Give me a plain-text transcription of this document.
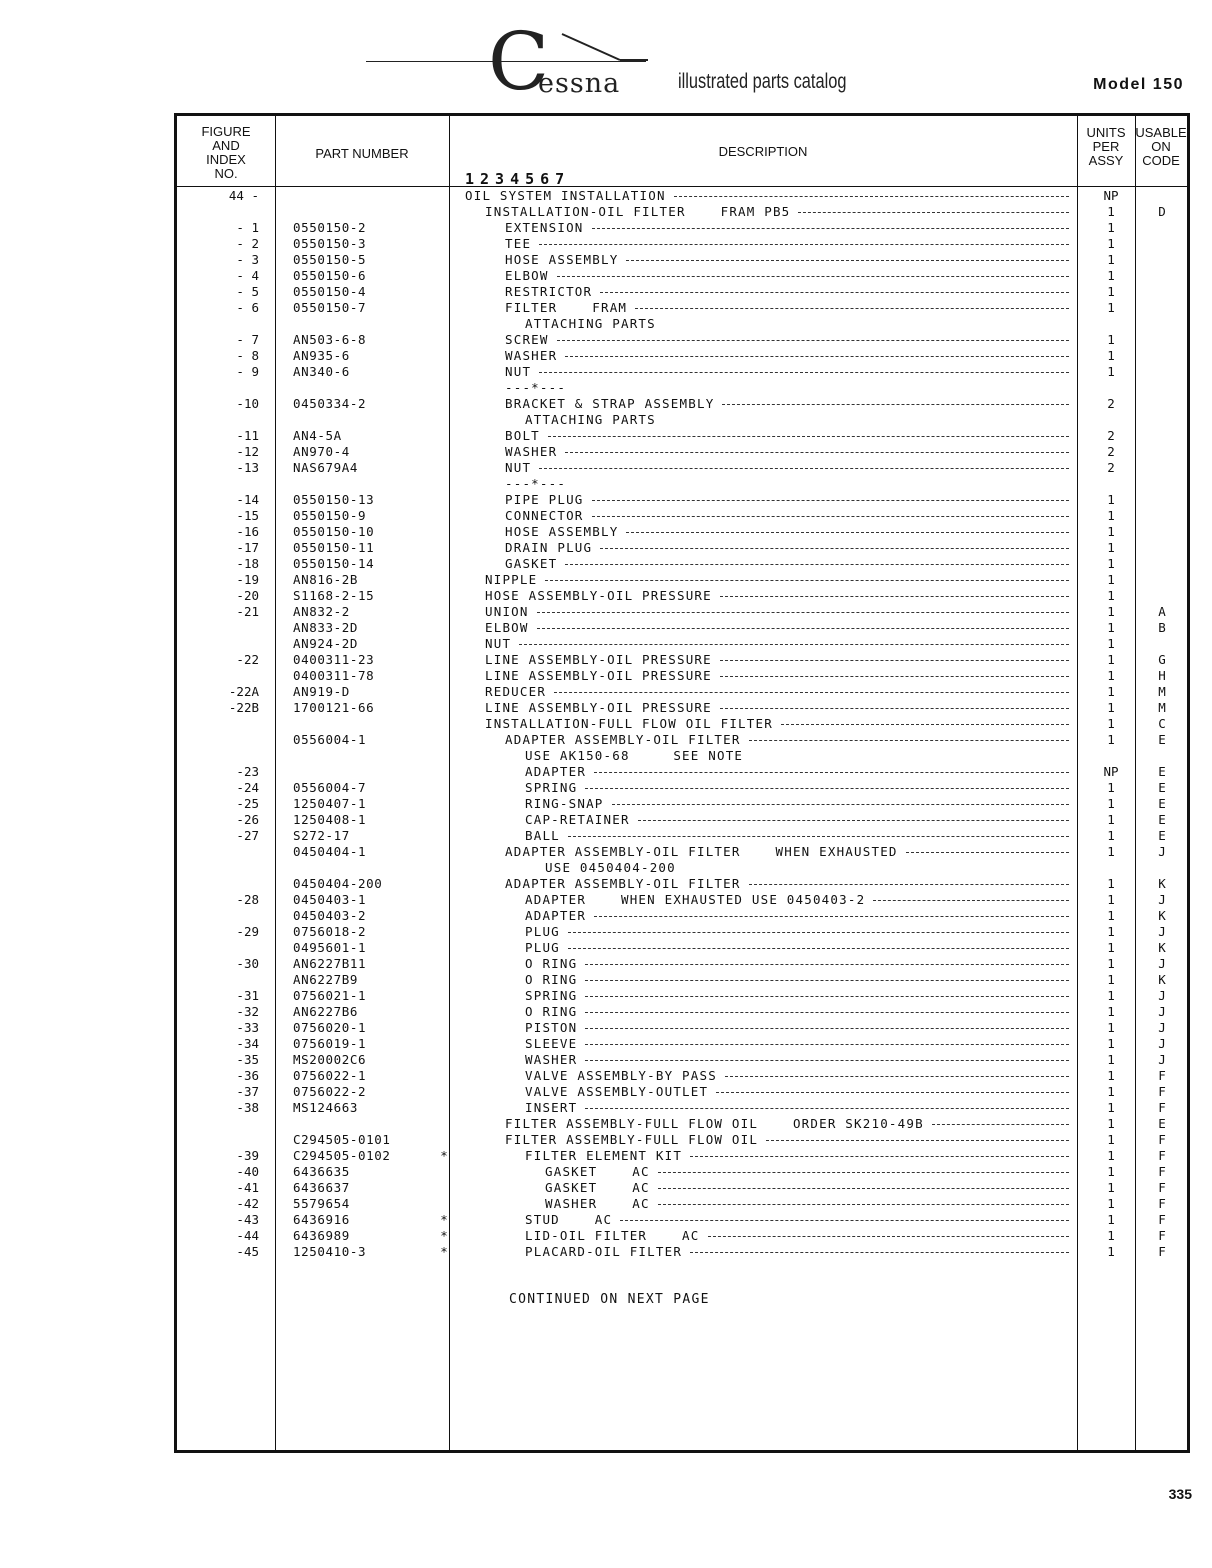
C
essna	illustrated parts catalog	Model 150
FIGURE
AND
INDEX
NO.
PART NUMBER	DESCRIPTION
1234567
UNITS
PER
ASSY
USABLE
ON
CODE
44 -	OIL SYSTEM INSTALLATION	NP
INSTALLATION-OIL FILTER    FRAM PB5	1	D
- 1	0550150-2	EXTENSION	1
- 2	0550150-3	TEE	1
- 3	0550150-5	HOSE ASSEMBLY	1
- 4	0550150-6	ELBOW	1
- 5	0550150-4	RESTRICTOR	1
- 6	0550150-7	FILTER    FRAM	1
ATTACHING PARTS
- 7	AN503-6-8	SCREW	1
- 8	AN935-6	WASHER	1
- 9	AN340-6	NUT	1
---*---
-10	0450334-2	BRACKET & STRAP ASSEMBLY	2
ATTACHING PARTS
-11	AN4-5A	BOLT	2
-12	AN970-4	WASHER	2
-13	NAS679A4	NUT	2
---*---
-14	0550150-13	PIPE PLUG	1
-15	0550150-9	CONNECTOR	1
-16	0550150-10	HOSE ASSEMBLY	1
-17	0550150-11	DRAIN PLUG	1
-18	0550150-14	GASKET	1
-19	AN816-2B	NIPPLE	1
-20	S1168-2-15	HOSE ASSEMBLY-OIL PRESSURE	1
-21	AN832-2	UNION	1	A
AN833-2D	ELBOW	1	B
AN924-2D	NUT	1
-22	0400311-23	LINE ASSEMBLY-OIL PRESSURE	1	G
0400311-78	LINE ASSEMBLY-OIL PRESSURE	1	H
-22A	AN919-D	REDUCER	1	M
-22B	1700121-66	LINE ASSEMBLY-OIL PRESSURE	1	M
INSTALLATION-FULL FLOW OIL FILTER	1	C
0556004-1	ADAPTER ASSEMBLY-OIL FILTER	1	E
USE AK150-68     SEE NOTE
-23	ADAPTER	NP	E
-24	0556004-7	SPRING	1	E
-25	1250407-1	RING-SNAP	1	E
-26	1250408-1	CAP-RETAINER	1	E
-27	S272-17	BALL	1	E
0450404-1	ADAPTER ASSEMBLY-OIL FILTER    WHEN EXHAUSTED	1	J
USE 0450404-200
0450404-200	ADAPTER ASSEMBLY-OIL FILTER	1	K
-28	0450403-1	ADAPTER    WHEN EXHAUSTED USE 0450403-2	1	J
0450403-2	ADAPTER	1	K
-29	0756018-2	PLUG	1	J
0495601-1	PLUG	1	K
-30	AN6227B11	O RING	1	J
AN6227B9	O RING	1	K
-31	0756021-1	SPRING	1	J
-32	AN6227B6	O RING	1	J
-33	0756020-1	PISTON	1	J
-34	0756019-1	SLEEVE	1	J
-35	MS20002C6	WASHER	1	J
-36	0756022-1	VALVE ASSEMBLY-BY PASS	1	F
-37	0756022-2	VALVE ASSEMBLY-OUTLET	1	F
-38	MS124663	INSERT	1	F
FILTER ASSEMBLY-FULL FLOW OIL    ORDER SK210-49B	1	E
C294505-0101	FILTER ASSEMBLY-FULL FLOW OIL	1	F
-39	C294505-0102	*	FILTER ELEMENT KIT	1	F
-40	6436635	GASKET    AC	1	F
-41	6436637	GASKET    AC	1	F
-42	5579654	WASHER    AC	1	F
-43	6436916	*	STUD    AC	1	F
-44	6436989	*	LID-OIL FILTER    AC	1	F
-45	1250410-3	*	PLACARD-OIL FILTER	1	F
CONTINUED ON NEXT PAGE
335
